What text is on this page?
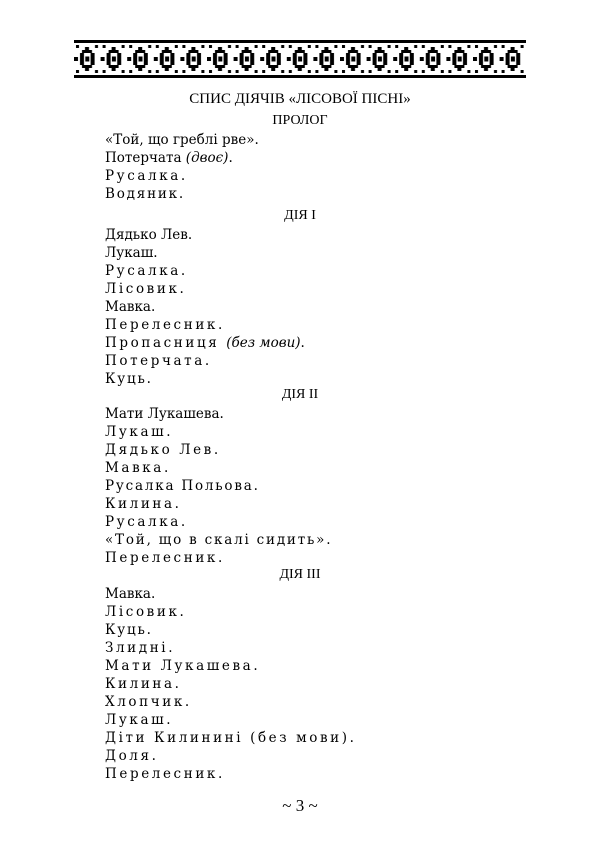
СПИС ДІЯЧІВ «ЛІСОВОЇ ПІСНІ»
ПРОЛОГ
«Той, що греблі рве».
Потерчата (двоє).
Русалка.
Водяник.
ДІЯ I
Дядько Лев.
Лукаш.
Русалка.
Лісовик.
Мавка.
Перелесник.
Пропасниця (без мови).
Потерчата.
Куць.
ДІЯ II
Мати Лукашева.
Лукаш.
Дядько Лев.
Мавка.
Русалка Польова.
Килина.
Русалка.
«Той, що в скалі сидить».
Перелесник.
ДІЯ III
Мавка.
Лісовик.
Куць.
Злидні.
Мати Лукашева.
Килина.
Хлопчик.
Лукаш.
Діти Килинині (без мови).
Доля.
Перелесник.
~ 3 ~
